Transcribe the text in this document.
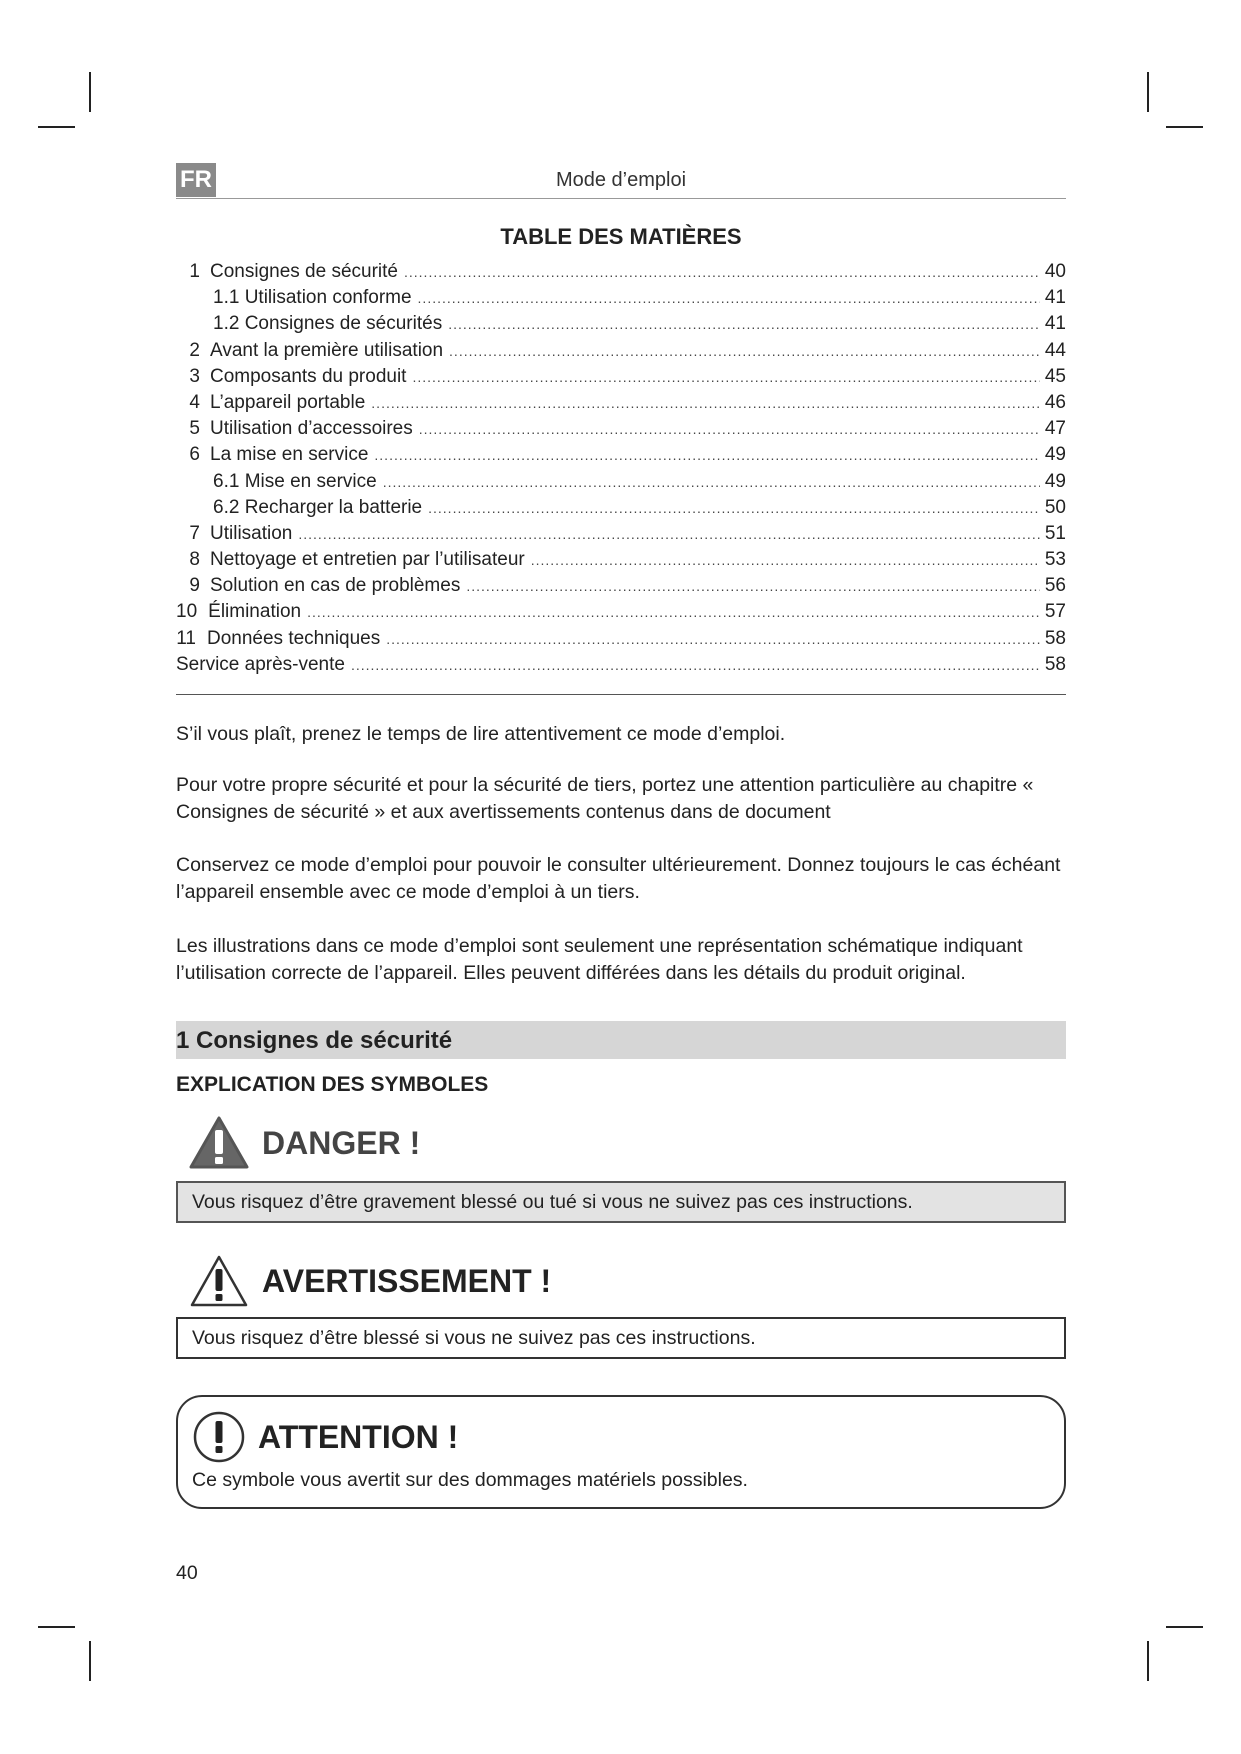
FR	Mode d’emploi
TABLE DES MATIÈRES
1 Consignes de sécurité .....	40
1.1 Utilisation conforme .....	41
1.2 Consignes de sécurités .....	41
2 Avant la première utilisation .....	44
3 Composants du produit .....	45
4 L’appareil portable .....	46
5 Utilisation d’accessoires .....	47
6 La mise en service .....	49
6.1 Mise en service .....	49
6.2 Recharger la batterie .....	50
7 Utilisation .....	51
8 Nettoyage et entretien par l’utilisateur .....	53
9 Solution en cas de problèmes .....	56
10 Élimination .....	57
11 Données techniques .....	58
Service après-vente .....	58

S’il vous plaît, prenez le temps de lire attentivement ce mode d’emploi.

Pour votre propre sécurité et pour la sécurité de tiers, portez une attention particulière au chapitre « Consignes de sécurité » et aux avertissements contenus dans de document

Conservez ce mode d’emploi pour pouvoir le consulter ultérieurement. Donnez toujours le cas échéant l’appareil ensemble avec ce mode d’emploi à un tiers.

Les illustrations dans ce mode d’emploi sont seulement une représentation schématique indiquant l’utilisation correcte de l’appareil. Elles peuvent différées dans les détails du produit original.

1 Consignes de sécurité
EXPLICATION DES SYMBOLES
DANGER !
Vous risquez d’être gravement blessé ou tué si vous ne suivez pas ces instructions.
AVERTISSEMENT !
Vous risquez d’être blessé si vous ne suivez pas ces instructions.
ATTENTION !
Ce symbole vous avertit sur des dommages matériels possibles.
40
